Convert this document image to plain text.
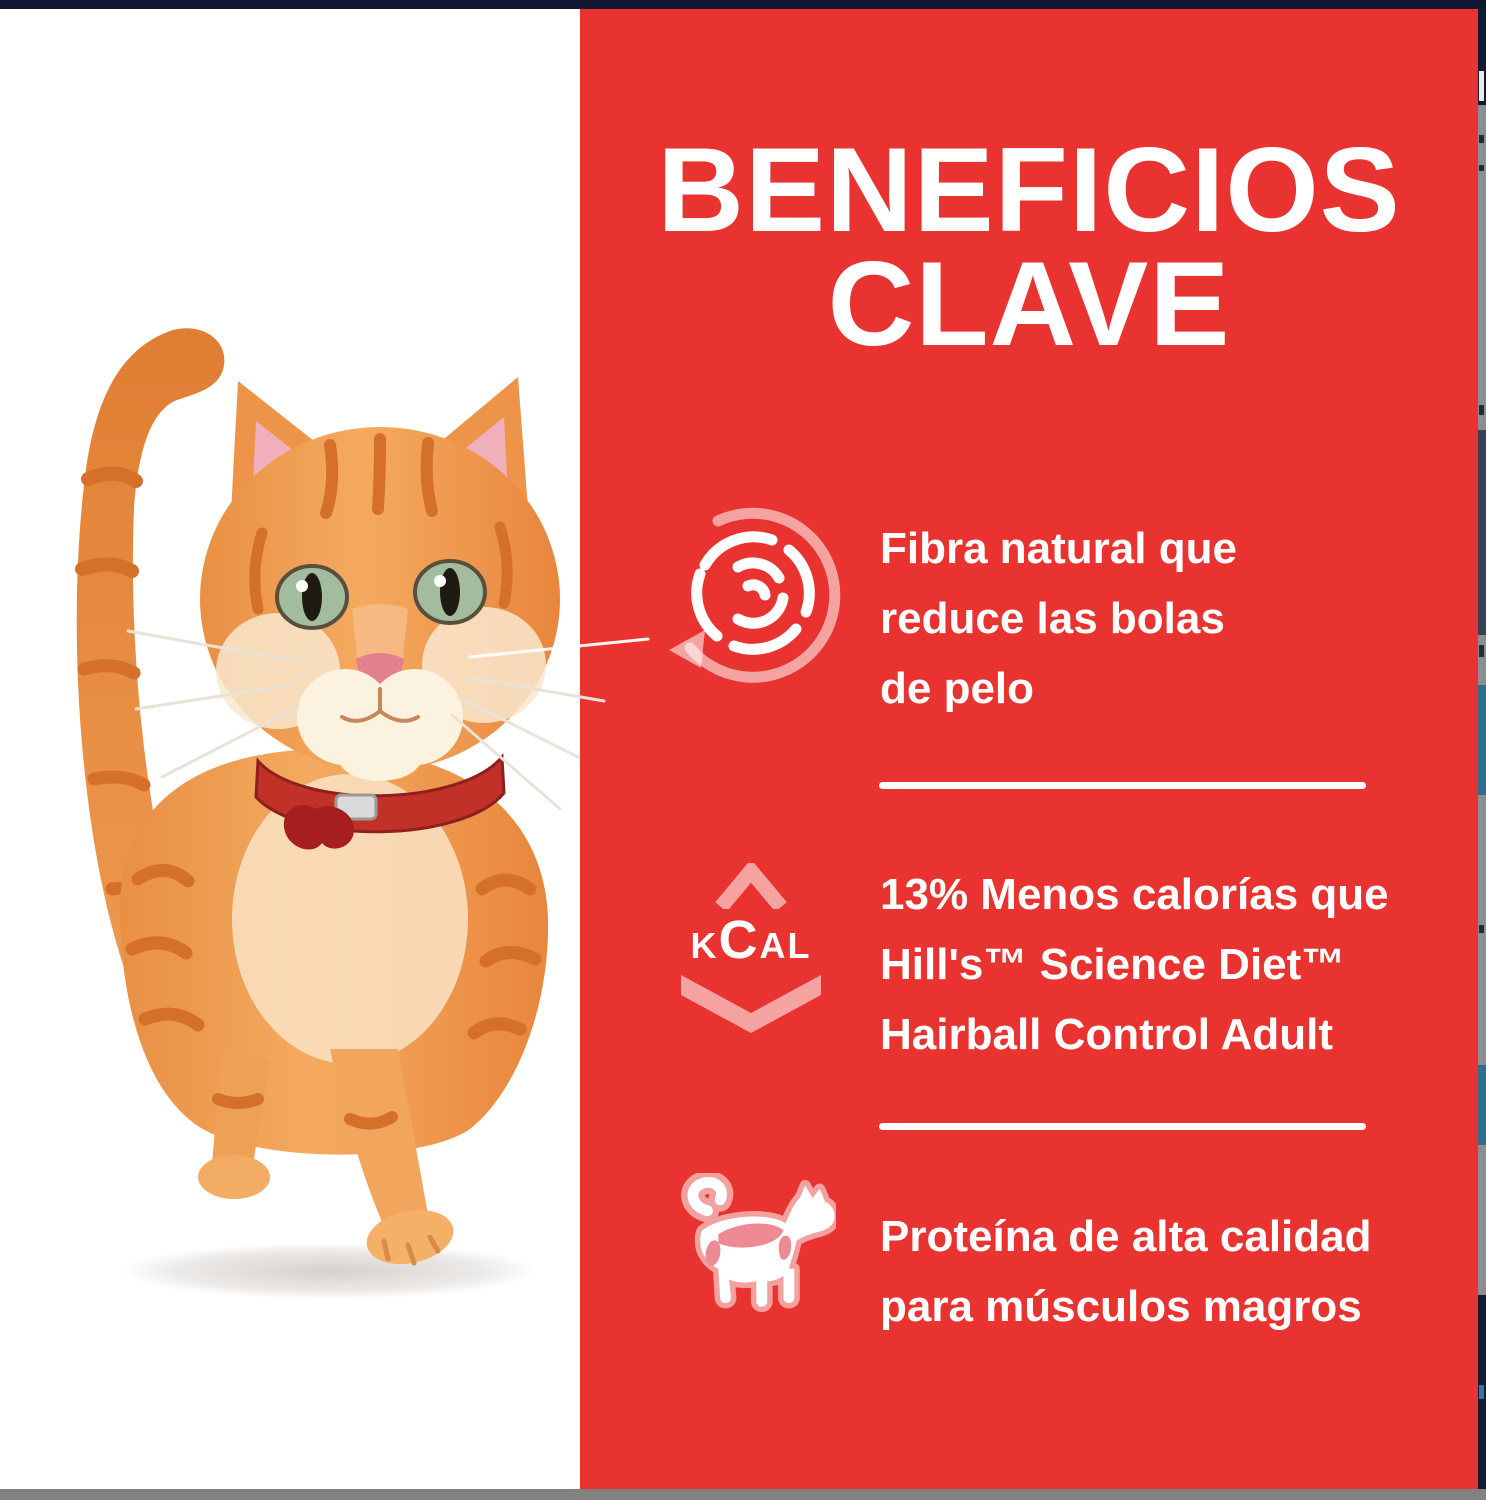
BENEFICIOS
CLAVE
Fibra natural que
reduce las bolas
de pelo
K C A L
13% Menos calorías que
Hill's™ Science Diet™
Hairball Control Adult
Proteína de alta calidad
para músculos magros
